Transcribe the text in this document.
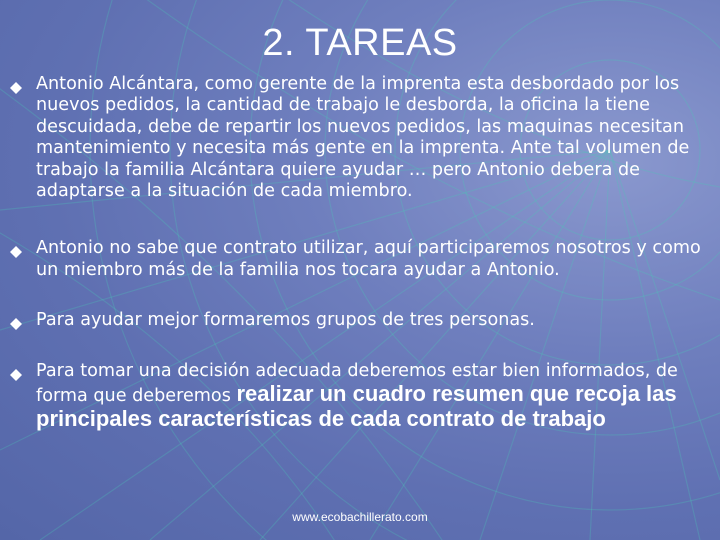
2. TAREAS
Antonio Alcántara, como gerente de la imprenta esta desbordado por los nuevos pedidos, la cantidad de trabajo le desborda, la oficina la tiene descuidada, debe de repartir los nuevos pedidos, las maquinas necesitan mantenimiento y necesita más gente en la imprenta. Ante tal volumen de trabajo la familia Alcántara quiere ayudar … pero Antonio debera de adaptarse a la situación de cada miembro.
Antonio no sabe que contrato utilizar, aquí participaremos nosotros y como un miembro más de la familia nos tocara ayudar a Antonio.
Para ayudar mejor formaremos grupos de tres personas.
Para tomar una decisión adecuada deberemos estar bien informados, de forma que deberemos realizar un cuadro resumen que recoja las principales características de cada contrato de trabajo
www.ecobachillerato.com
